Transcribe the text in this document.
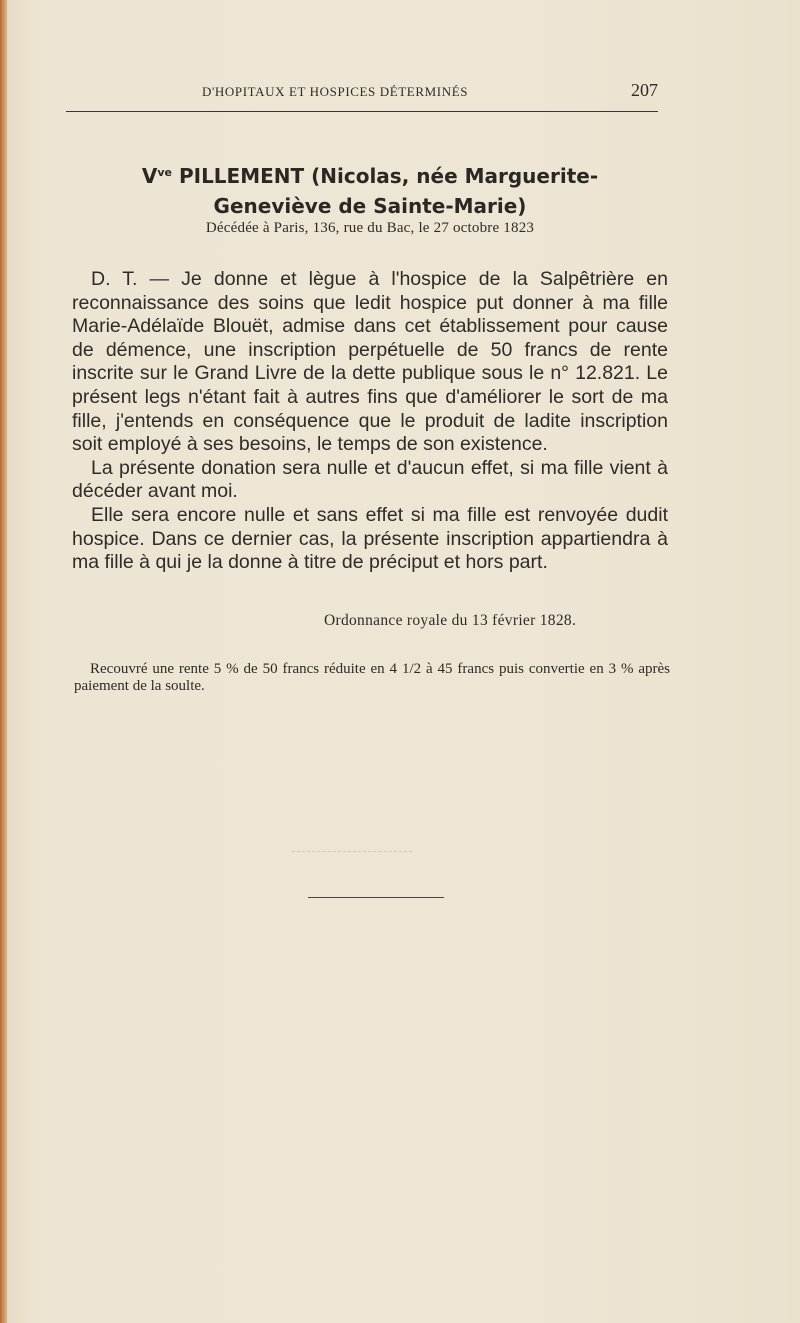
D'HOPITAUX ET HOSPICES DÉTERMINÉS	207
$V^{ve}$ PILLEMENT (Nicolas, née Marguerite-
Geneviève de Sainte-Marie)
Décédée à Paris, 136, rue du Bac, le 27 octobre 1823

D. T. — Je donne et lègue à l'hospice de la Salpêtrière en reconnaissance des soins que ledit hospice put donner à ma fille Marie-Adélaïde Blouët, admise dans cet établissement pour cause de démence, une inscription perpétuelle de 50 francs de rente inscrite sur le Grand Livre de la dette publique sous le n° 12.821. Le présent legs n'étant fait à autres fins que d'améliorer le sort de ma fille, j'entends en conséquence que le produit de ladite inscription soit employé à ses besoins, le temps de son existence.

La présente donation sera nulle et d'aucun effet, si ma fille vient à décéder avant moi.

Elle sera encore nulle et sans effet si ma fille est renvoyée dudit hospice. Dans ce dernier cas, la présente inscription appartiendra à ma fille à qui je la donne à titre de préciput et hors part.

Ordonnance royale du 13 février 1828.
Recouvré une rente 5 % de 50 francs réduite en 4 1/2 à 45 francs puis convertie en 3 % après paiement de la soulte.
